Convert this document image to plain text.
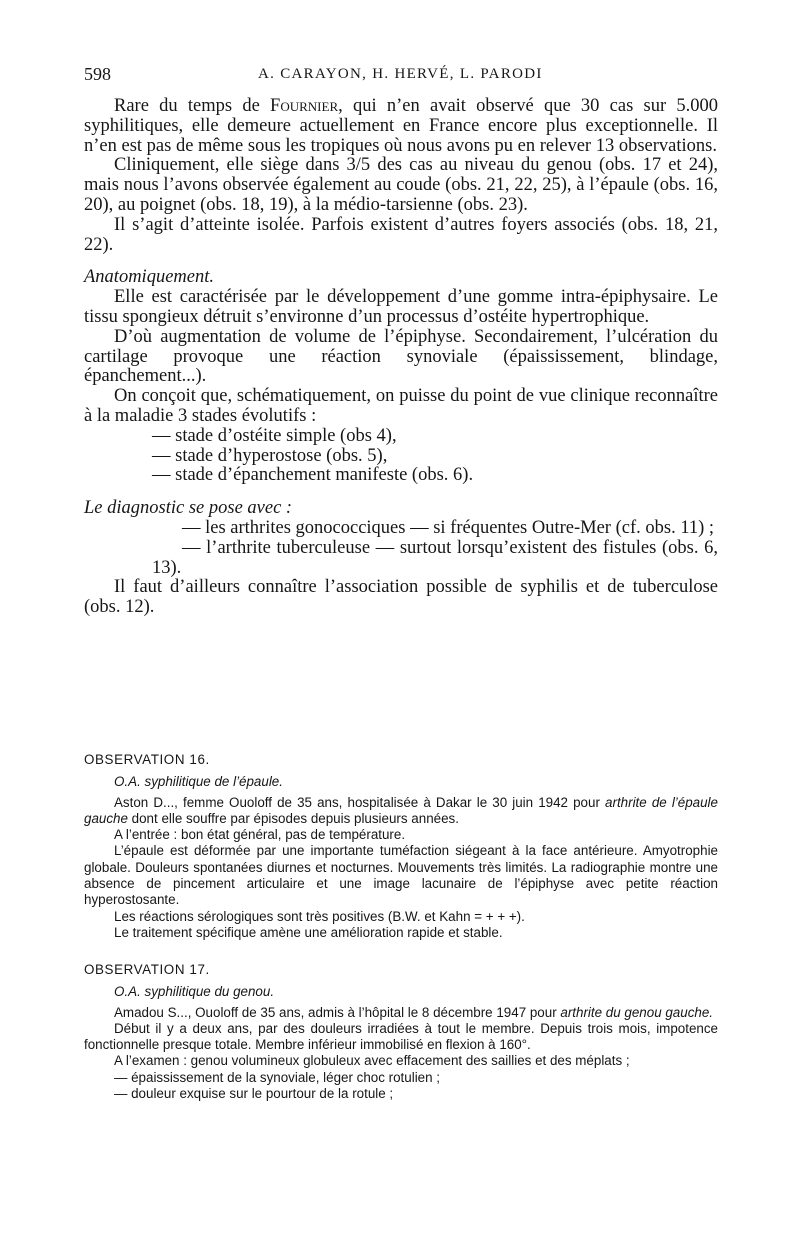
598	A. CARAYON, H. HERVÉ, L. PARODI

Rare du temps de Fournier, qui n’en avait observé que 30 cas sur 5.000 syphilitiques, elle demeure actuellement en France encore plus exceptionnelle. Il n’en est pas de même sous les tropiques où nous avons pu en relever 13 observations.

Cliniquement, elle siège dans 3/5 des cas au niveau du genou (obs. 17 et 24), mais nous l’avons observée également au coude (obs. 21, 22, 25), à l’épaule (obs. 16, 20), au poignet (obs. 18, 19), à la médio-tarsienne (obs. 23).

Il s’agit d’atteinte isolée. Parfois existent d’autres foyers associés (obs. 18, 21, 22).

Anatomiquement.

Elle est caractérisée par le développement d’une gomme intra-épiphysaire. Le tissu spongieux détruit s’environne d’un processus d’ostéite hypertrophique.

D’où augmentation de volume de l’épiphyse. Secondairement, l’ulcération du cartilage provoque une réaction synoviale (épaississement, blindage, épanchement...).

On conçoit que, schématiquement, on puisse du point de vue clinique reconnaître à la maladie 3 stades évolutifs :

— stade d’ostéite simple (obs 4),

— stade d’hyperostose (obs. 5),

— stade d’épanchement manifeste (obs. 6).

Le diagnostic se pose avec :

— les arthrites gonococciques — si fréquentes Outre-Mer (cf. obs. 11) ;

— l’arthrite tuberculeuse — surtout lorsqu’existent des fistules (obs. 6, 13).

Il faut d’ailleurs connaître l’association possible de syphilis et de tuberculose (obs. 12).

OBSERVATION 16.

O.A. syphilitique de l’épaule.

Aston D..., femme Ouoloff de 35 ans, hospitalisée à Dakar le 30 juin 1942 pour arthrite de l’épaule gauche dont elle souffre par épisodes depuis plusieurs années.

A l’entrée : bon état général, pas de température.

L’épaule est déformée par une importante tuméfaction siégeant à la face antérieure. Amyotrophie globale. Douleurs spontanées diurnes et nocturnes. Mouvements très limités. La radiographie montre une absence de pincement articulaire et une image lacunaire de l’épiphyse avec petite réaction hyperostosante.

Les réactions sérologiques sont très positives (B.W. et Kahn = + + +).

Le traitement spécifique amène une amélioration rapide et stable.

OBSERVATION 17.

O.A. syphilitique du genou.

Amadou S..., Ouoloff de 35 ans, admis à l’hôpital le 8 décembre 1947 pour arthrite du genou gauche.

Début il y a deux ans, par des douleurs irradiées à tout le membre. Depuis trois mois, impotence fonctionnelle presque totale. Membre inférieur immobilisé en flexion à 160°.

A l’examen : genou volumineux globuleux avec effacement des saillies et des méplats ;

— épaississement de la synoviale, léger choc rotulien ;

— douleur exquise sur le pourtour de la rotule ;
